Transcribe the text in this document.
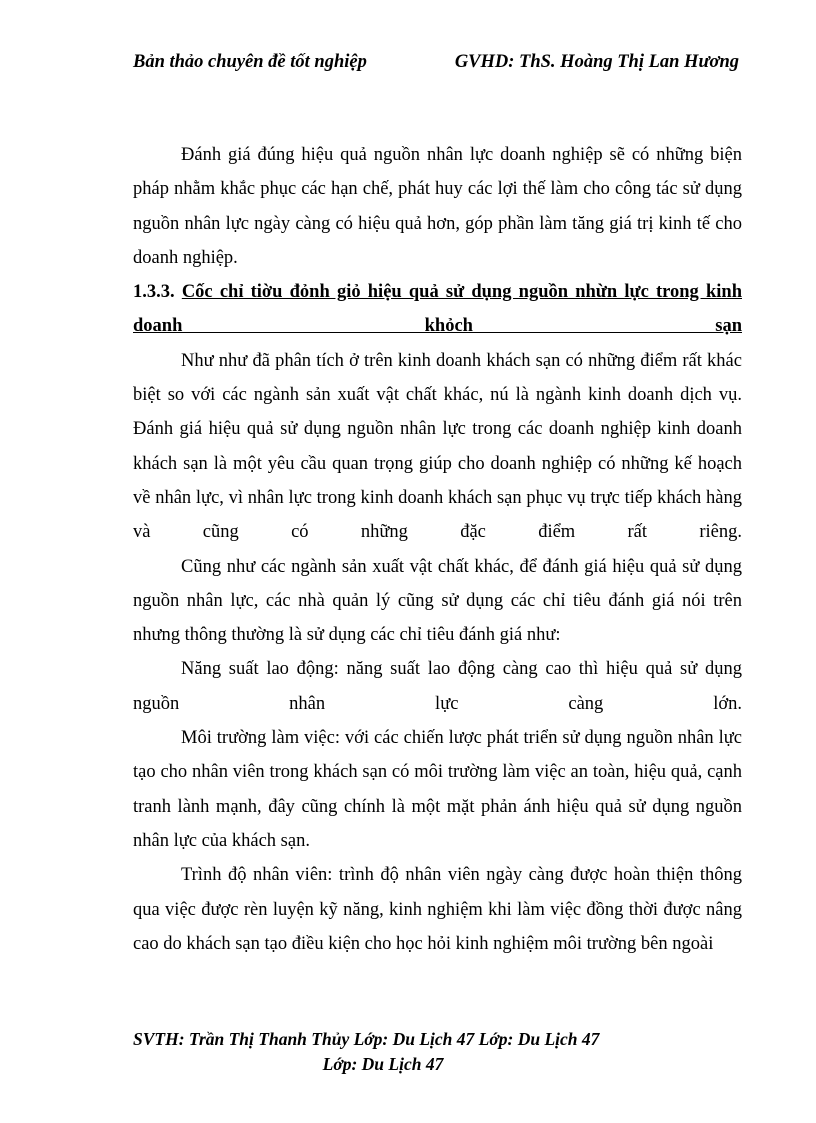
Bản thảo chuyên đề tốt nghiệp	GVHD: ThS. Hoàng Thị Lan Hương

Đánh giá đúng hiệu quả nguồn nhân lực doanh nghiệp sẽ có những biện pháp nhằm khắc phục các hạn chế, phát huy các lợi thế làm cho công tác sử dụng nguồn nhân lực ngày càng có hiệu quả hơn, góp phần làm tăng giá trị kinh tế cho doanh nghiệp.

1.3.3. Cốc chỉ tiờu đỏnh giỏ hiệu quả sử dụng nguồn nhừn lực trong kinh doanh khỏch sạn

Như như đã phân tích ở trên kinh doanh khách sạn có những điểm rất khác biệt so với các ngành sản xuất vật chất khác, nú là ngành kinh doanh dịch vụ. Đánh giá hiệu quả sử dụng nguồn nhân lực trong các doanh nghiệp kinh doanh khách sạn là một yêu cầu quan trọng giúp cho doanh nghiệp có những kế hoạch về nhân lực, vì nhân lực trong kinh doanh khách sạn phục vụ trực tiếp khách hàng và cũng có những đặc điểm rất riêng.

Cũng như các ngành sản xuất vật chất khác, để đánh giá hiệu quả sử dụng nguồn nhân lực, các nhà quản lý cũng sử dụng các chỉ tiêu đánh giá nói trên nhưng thông thường là sử dụng các chỉ tiêu đánh giá như:

Năng suất lao động: năng suất lao động càng cao thì hiệu quả sử dụng nguồn nhân lực càng lớn.

Môi trường làm việc: với các chiến lược phát triển sử dụng nguồn nhân lực tạo cho nhân viên trong khách sạn có môi trường làm việc an toàn, hiệu quả, cạnh tranh lành mạnh, đây cũng chính là một mặt phản ánh hiệu quả sử dụng nguồn nhân lực của khách sạn.

Trình độ nhân viên: trình độ nhân viên ngày càng được hoàn thiện thông qua việc được rèn luyện kỹ năng, kinh nghiệm khi làm việc đồng thời được nâng cao do khách sạn tạo điều kiện cho học hỏi kinh nghiệm môi trường bên ngoài

SVTH: Trần Thị Thanh Thủy Lớp: Du Lịch 47 Lớp: Du Lịch 47
Lớp: Du Lịch 47
